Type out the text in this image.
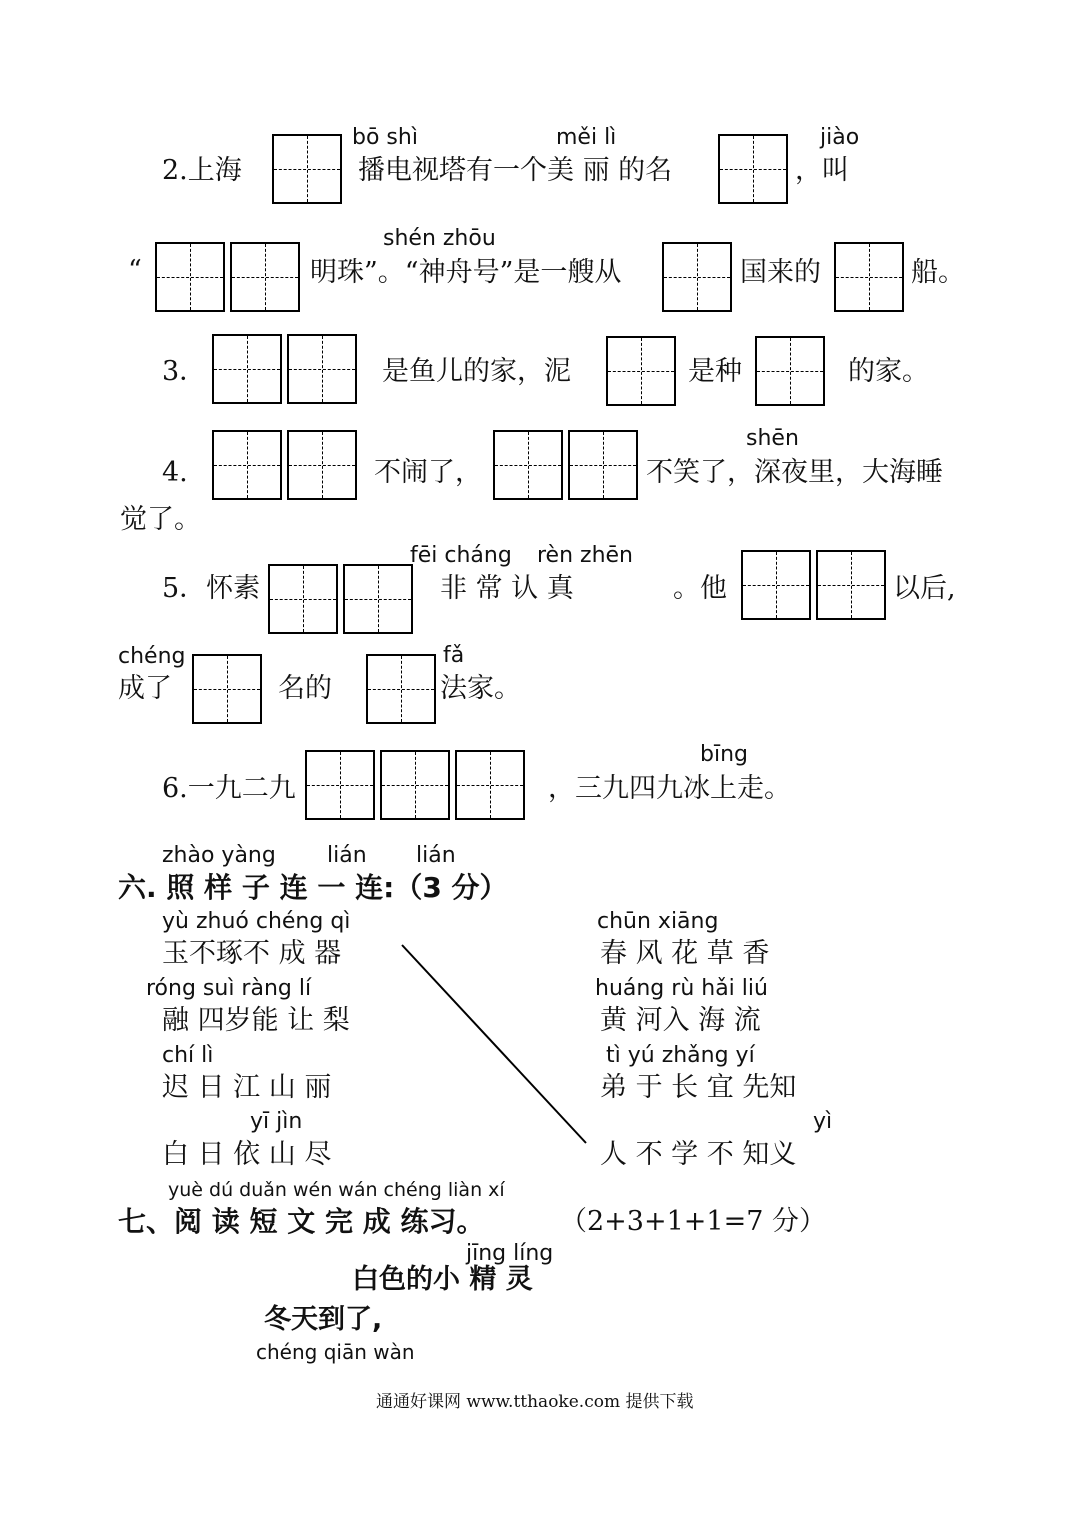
bō shì	měi lì	jiào
2.上海	播电视塔有一个美 丽 的名	，叫
“
shén zhōu
明珠”。“神舟号”是一艘从	国来的	船。
3．	是鱼儿的家，泥	是种	的家。
4.	不闹了，
shēn
不笑了，深夜里，大海睡
觉了。
fēi cháng rèn zhēn
5．怀素	非 常 认 真	。他	以后,
chéng
成了	名的
fǎ
法家。
6.一九二九
bīng
，三九四九冰上走。
zhào yàng lián lián
六. 照 样 子 连 一 连:（3 分）
yù zhuó chéng qì
玉不琢不 成 器
róng suì ràng lí
融 四岁能 让 梨
chí lì
迟 日 江 山 丽
yī jìn
白 日 依 山 尽
chūn xiāng
春 风 花 草 香
huáng rù hǎi liú
黄 河入 海 流
tì yú zhǎng yí
弟 于 长 宜 先知
yì
人 不 学 不 知义
yuè dú duǎn wén wán chéng liàn xí
七、阅 读 短 文 完 成 练习。	（2+3+1+1=7 分）
jīng líng
白色的小 精 灵
冬天到了,
chéng qiān wàn
通通好课网 www.tthaoke.com 提供下载
